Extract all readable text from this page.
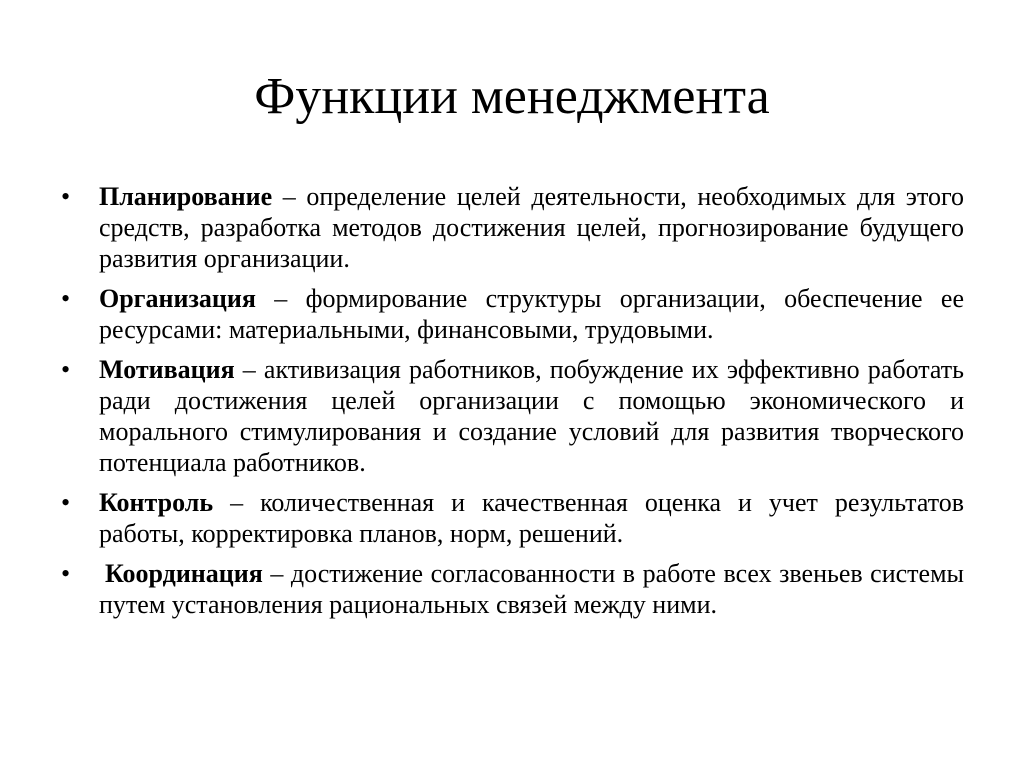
Функции менеджмента
• Планирование – определение целей деятельности, необходимых для этого средств, разработка методов достижения целей, прогнозирование будущего развития организации.
• Организация – формирование структуры организации, обеспечение ее ресурсами: материальными, финансовыми, трудовыми.
• Мотивация – активизация работников, побуждение их эффективно работать ради достижения целей организации с помощью экономического и морального стимулирования и создание условий для развития творческого потенциала работников.
• Контроль – количественная и качественная оценка и учет результатов работы, корректировка планов, норм, решений.
• Координация – достижение согласованности в работе всех звеньев системы путем установления рациональных связей между ними.
